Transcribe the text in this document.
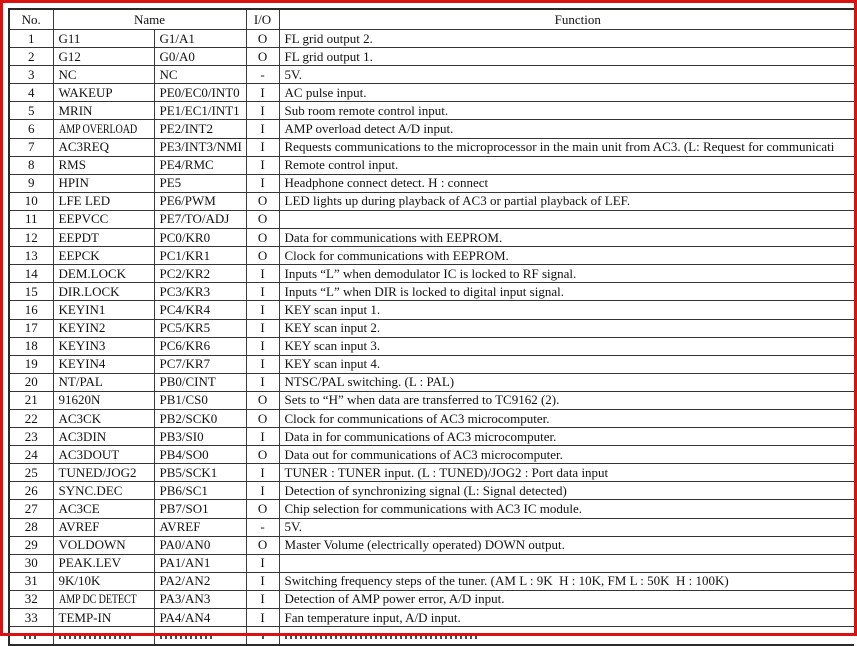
No.	Name		I/O	Function
1	G11	G1/A1	O	FL grid output 2.
2	G12	G0/A0	O	FL grid output 1.
3	NC	NC	-	5V.
4	WAKEUP	PE0/EC0/INT0	I	AC pulse input.
5	MRIN	PE1/EC1/INT1	I	Sub room remote control input.
6	AMP OVERLOAD	PE2/INT2	I	AMP overload detect A/D input.
7	AC3REQ	PE3/INT3/NMI	I	Requests communications to the microprocessor in the main unit from AC3. (L: Request for communicati
8	RMS	PE4/RMC	I	Remote control input.
9	HPIN	PE5	I	Headphone connect detect. H : connect
10	LFE LED	PE6/PWM	O	LED lights up during playback of AC3 or partial playback of LEF.
11	EEPVCC	PE7/TO/ADJ	O	
12	EEPDT	PC0/KR0	O	Data for communications with EEPROM.
13	EEPCK	PC1/KR1	O	Clock for communications with EEPROM.
14	DEM.LOCK	PC2/KR2	I	Inputs “L” when demodulator IC is locked to RF signal.
15	DIR.LOCK	PC3/KR3	I	Inputs “L” when DIR is locked to digital input signal.
16	KEYIN1	PC4/KR4	I	KEY scan input 1.
17	KEYIN2	PC5/KR5	I	KEY scan input 2.
18	KEYIN3	PC6/KR6	I	KEY scan input 3.
19	KEYIN4	PC7/KR7	I	KEY scan input 4.
20	NT/PAL	PB0/CINT	I	NTSC/PAL switching. (L : PAL)
21	91620N	PB1/CS0	O	Sets to “H” when data are transferred to TC9162 (2).
22	AC3CK	PB2/SCK0	O	Clock for communications of AC3 microcomputer.
23	AC3DIN	PB3/SI0	I	Data in for communications of AC3 microcomputer.
24	AC3DOUT	PB4/SO0	O	Data out for communications of AC3 microcomputer.
25	TUNED/JOG2	PB5/SCK1	I	TUNER : TUNER input. (L : TUNED)/JOG2 : Port data input
26	SYNC.DEC	PB6/SC1	I	Detection of synchronizing signal (L: Signal detected)
27	AC3CE	PB7/SO1	O	Chip selection for communications with AC3 IC module.
28	AVREF	AVREF	-	5V.
29	VOLDOWN	PA0/AN0	O	Master Volume (electrically operated) DOWN output.
30	PEAK.LEV	PA1/AN1	I	
31	9K/10K	PA2/AN2	I	Switching frequency steps of the tuner. (AM L : 9K  H : 10K, FM L : 50K  H : 100K)
32	AMP DC DETECT	PA3/AN3	I	Detection of AMP power error, A/D input.
33	TEMP-IN	PA4/AN4	I	Fan temperature input, A/D input.
